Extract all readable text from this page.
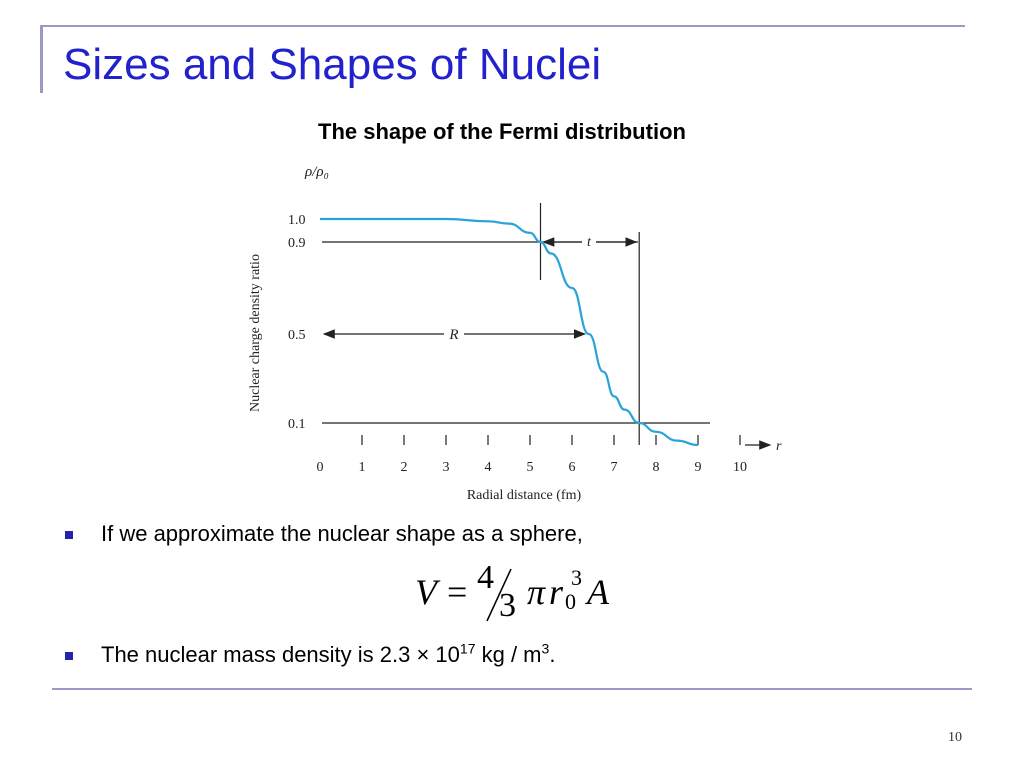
Sizes and Shapes of Nuclei
The shape of the Fermi distribution
ρ/ρ₀
Nuclear charge density ratio
1.0
0.9
0.5
0.1
0	1	2	3	4	5	6	7	8	9 10
r
Radial distance (fm)
R
t
If we approximate the nuclear shape as a sphere,
The nuclear mass density is $2.3 \times 10^{17}$ kg / $m^3$.
V = 4
3 π r 0
3 A
10
